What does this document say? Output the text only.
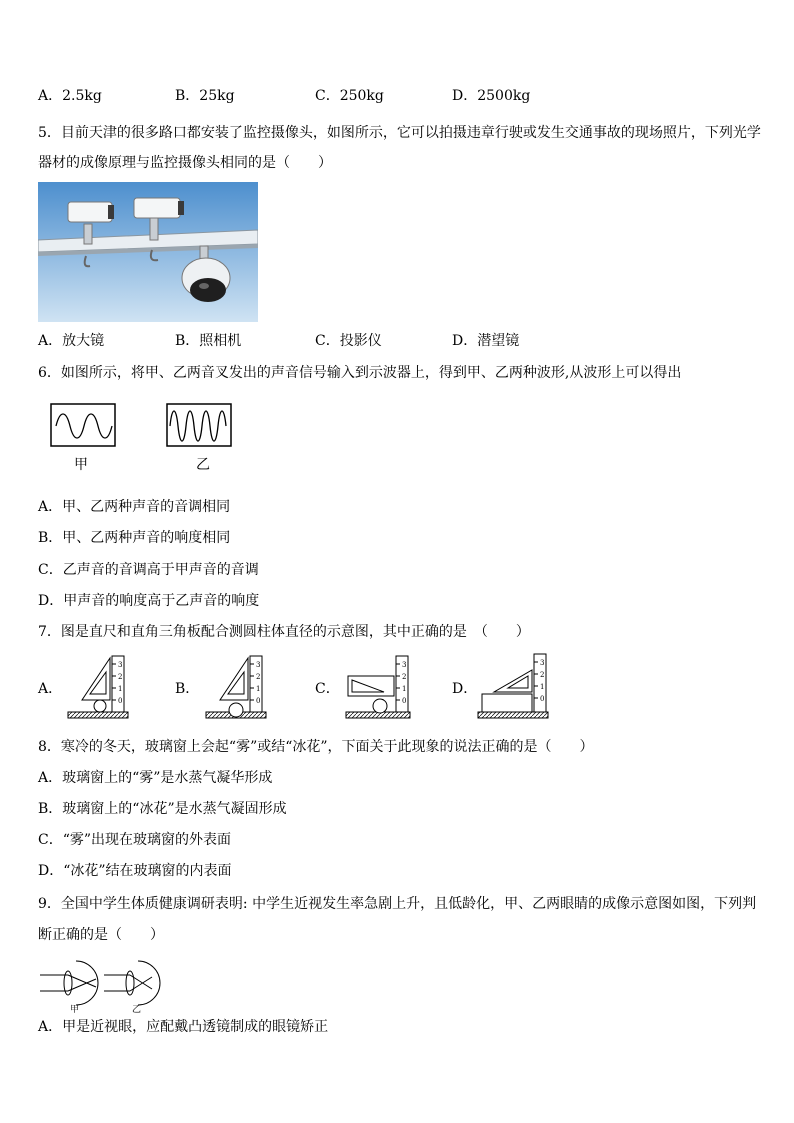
A．2.5kg	B．25kg	C．250kg	D．2500kg
5．目前天津的很多路口都安装了监控摄像头，如图所示，它可以拍摄违章行驶或发生交通事故的现场照片，下列光学
器材的成像原理与监控摄像头相同的是（　　）
A．放大镜	B．照相机	C．投影仪	D．潜望镜
6．如图所示，将甲、乙两音叉发出的声音信号输入到示波器上，得到甲、乙两种波形,从波形上可以得出
甲	乙
A．甲、乙两种声音的音调相同
B．甲、乙两种声音的响度相同
C．乙声音的音调高于甲声音的音调
D．甲声音的响度高于乙声音的响度
7．图是直尺和直角三角板配合测圆柱体直径的示意图，其中正确的是　（　　）
A．
3
2
1
0
B．
3
2
1
0
C．
3
2
1
0
D．
3
2
1
0
8．寒冷的冬天，玻璃窗上会起“雾”或结“冰花”，下面关于此现象的说法正确的是（　　）
A．玻璃窗上的“雾”是水蒸气凝华形成
B．玻璃窗上的“冰花”是水蒸气凝固形成
C．“雾”出现在玻璃窗的外表面
D．“冰花”结在玻璃窗的内表面
9．全国中学生体质健康调研表明: 中学生近视发生率急剧上升，且低龄化，甲、乙两眼睛的成像示意图如图，下列判
断正确的是（　　）
甲	乙
A．甲是近视眼，应配戴凸透镜制成的眼镜矫正
